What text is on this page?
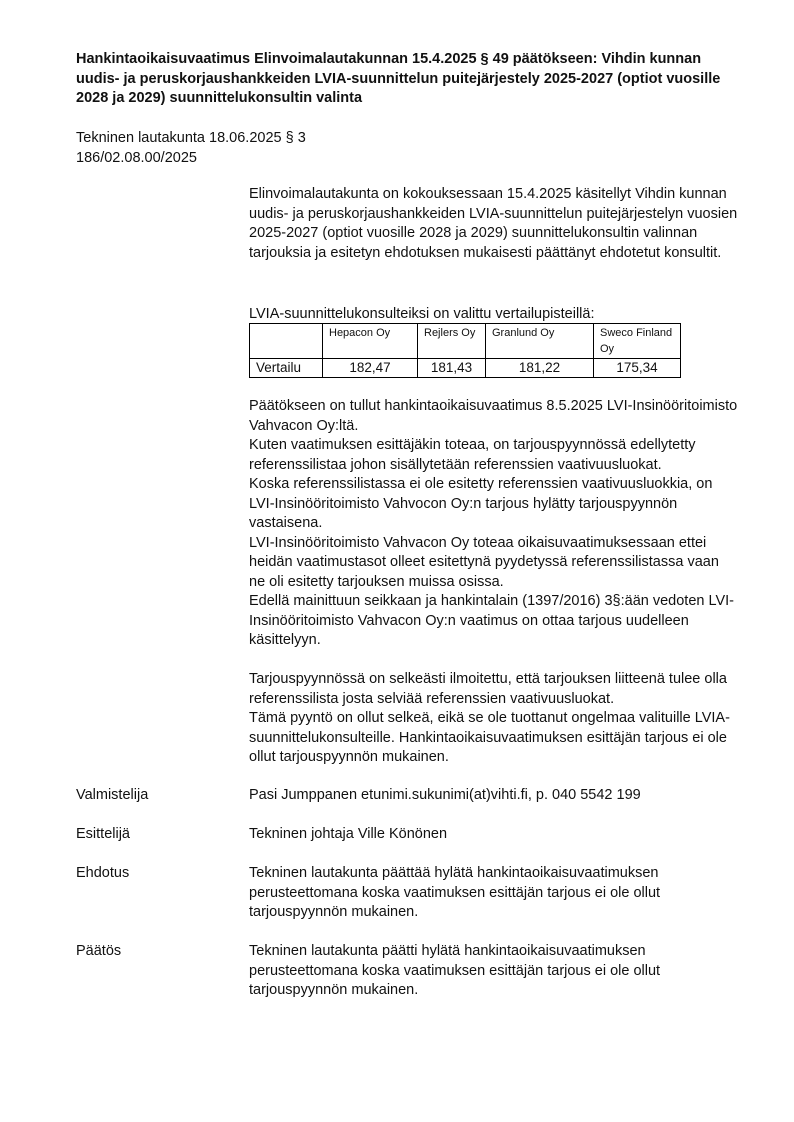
Hankintaoikaisuvaatimus Elinvoimalautakunnan 15.4.2025 § 49 päätökseen: Vihdin kunnan uudis- ja peruskorjaushankkeiden LVIA-suunnittelun puitejärjestely 2025-2027 (optiot vuosille 2028 ja 2029) suunnittelukonsultin valinta
Tekninen lautakunta 18.06.2025 § 3
186/02.08.00/2025
Elinvoimalautakunta on kokouksessaan 15.4.2025 käsitellyt Vihdin kunnan uudis- ja peruskorjaushankkeiden LVIA-suunnittelun puitejärjestelyn vuosien 2025-2027 (optiot vuosille 2028 ja 2029) suunnittelukonsultin valinnan tarjouksia ja esitetyn ehdotuksen mukaisesti päättänyt ehdotetut konsultit.
LVIA-suunnittelukonsulteiksi on valittu vertailupisteillä:
	Hepacon Oy	Rejlers Oy	Granlund Oy	Sweco Finland Oy
Vertailu	182,47	181,43	181,22	175,34

Päätökseen on tullut hankintaoikaisuvaatimus 8.5.2025 LVI-Insinööritoimisto Vahvacon Oy:ltä.

Kuten vaatimuksen esittäjäkin toteaa, on tarjouspyynnössä edellytetty referenssilistaa johon sisällytetään referenssien vaativuusluokat.

Koska referenssilistassa ei ole esitetty referenssien vaativuusluokkia, on LVI-Insinööritoimisto Vahvocon Oy:n tarjous hylätty tarjouspyynnön vastaisena.

LVI-Insinööritoimisto Vahvacon Oy toteaa oikaisuvaatimuksessaan ettei heidän vaatimustasot olleet esitettynä pyydetyssä referenssilistassa vaan ne oli esitetty tarjouksen muissa osissa.

Edellä mainittuun seikkaan ja hankintalain (1397/2016) 3§:ään vedoten LVI-Insinööritoimisto Vahvacon Oy:n vaatimus on ottaa tarjous uudelleen käsittelyyn.

Tarjouspyynnössä on selkeästi ilmoitettu, että tarjouksen liitteenä tulee olla referenssilista josta selviää referenssien vaativuusluokat.

Tämä pyyntö on ollut selkeä, eikä se ole tuottanut ongelmaa valituille LVIA-suunnittelukonsulteille. Hankintaoikaisuvaatimuksen esittäjän tarjous ei ole ollut tarjouspyynnön mukainen.

Valmistelija	Pasi Jumppanen etunimi.sukunimi(at)vihti.fi, p. 040 5542 199
Esittelijä	Tekninen johtaja Ville Könönen
Ehdotus	Tekninen lautakunta päättää hylätä hankintaoikaisuvaatimuksen perusteettomana koska vaatimuksen esittäjän tarjous ei ole ollut tarjouspyynnön mukainen.
Päätös	Tekninen lautakunta päätti hylätä hankintaoikaisuvaatimuksen perusteettomana koska vaatimuksen esittäjän tarjous ei ole ollut tarjouspyynnön mukainen.
